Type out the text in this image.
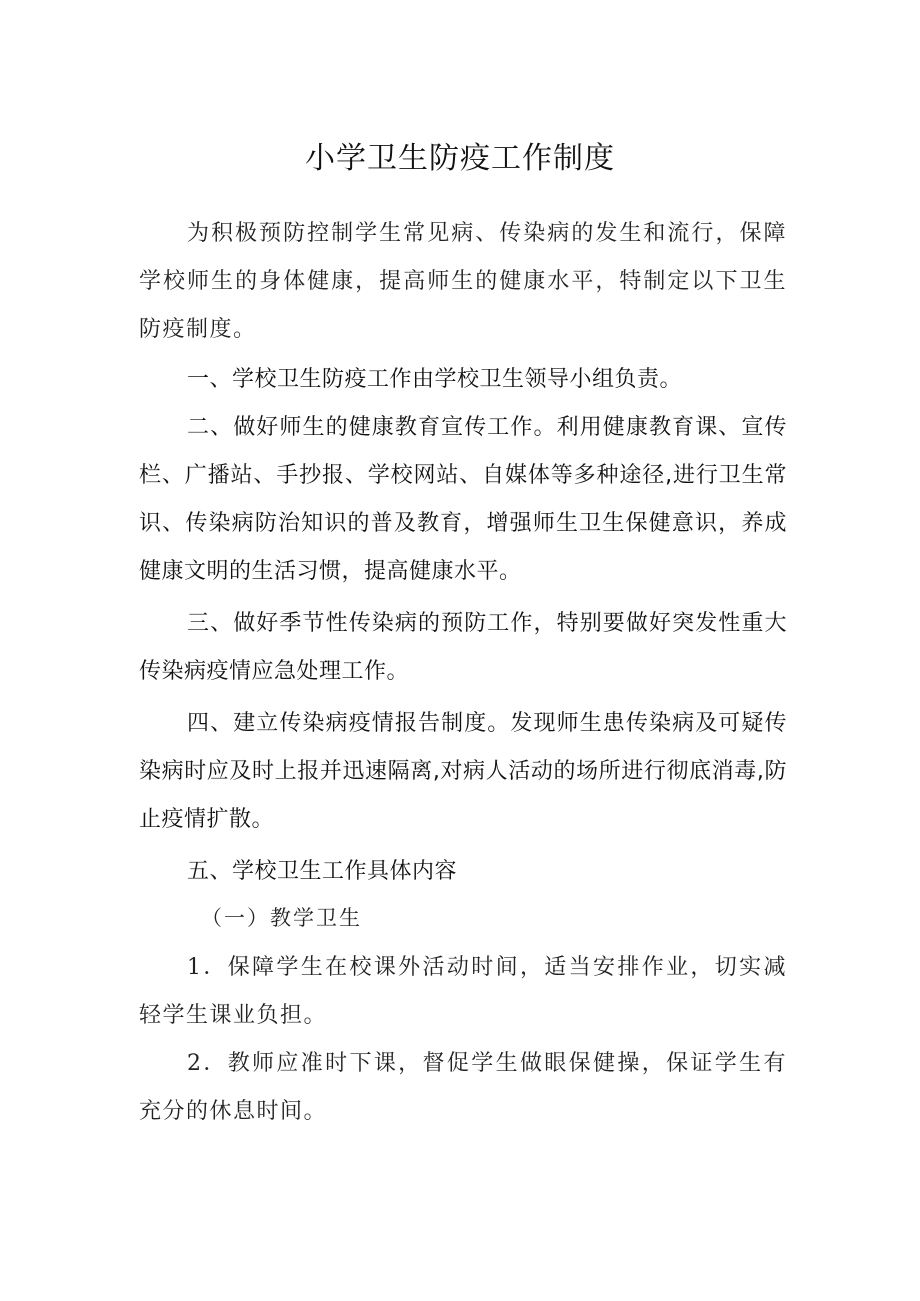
小学卫生防疫工作制度

为积极预防控制学生常见病、传染病的发生和流行，保障学校师生的身体健康，提高师生的健康水平，特制定以下卫生防疫制度。

一、学校卫生防疫工作由学校卫生领导小组负责。

二、做好师生的健康教育宣传工作。利用健康教育课、宣传栏、广播站、手抄报、学校网站、自媒体等多种途径,进行卫生常识、传染病防治知识的普及教育，增强师生卫生保健意识，养成健康文明的生活习惯，提高健康水平。

三、做好季节性传染病的预防工作，特别要做好突发性重大传染病疫情应急处理工作。

四、建立传染病疫情报告制度。发现师生患传染病及可疑传染病时应及时上报并迅速隔离,对病人活动的场所进行彻底消毒,防止疫情扩散。

五、学校卫生工作具体内容

（一）教学卫生

1．保障学生在校课外活动时间，适当安排作业，切实减轻学生课业负担。

2．教师应准时下课，督促学生做眼保健操，保证学生有充分的休息时间。
